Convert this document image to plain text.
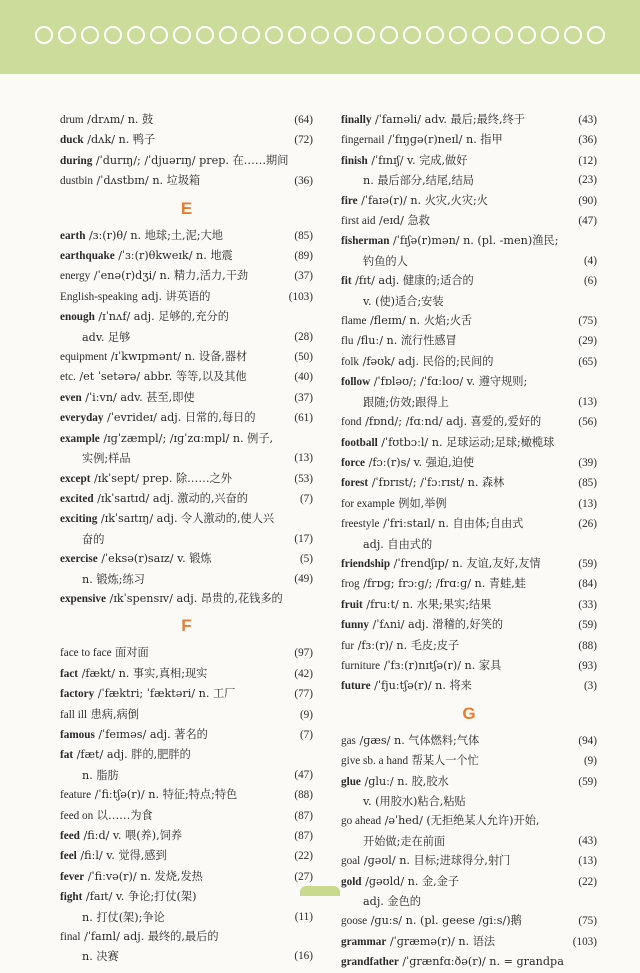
drum /drʌm/ n. 鼓	(64)
duck /dʌk/ n. 鸭子	(72)
during /ˈdurɪŋ/; /ˈdjuərɪŋ/ prep. 在……期间
dustbin /ˈdʌstbɪn/ n. 垃圾箱	(36)
E
earth /ɜː(r)θ/ n. 地球;土,泥;大地	(85)
earthquake /ˈɜː(r)θkweɪk/ n. 地震	(89)
energy /ˈenə(r)dʒi/ n. 精力,活力,干劲	(37)
English-speaking adj. 讲英语的	(103)
enough /ɪˈnʌf/ adj. 足够的,充分的
adv. 足够	(28)
equipment /ɪˈkwɪpmənt/ n. 设备,器材	(50)
etc. /et ˈsetərə/ abbr. 等等,以及其他	(40)
even /ˈiːvn/ adv. 甚至,即使	(37)
everyday /ˈevrideɪ/ adj. 日常的,每日的	(61)
example /ɪɡˈzæmpl/; /ɪɡˈzɑːmpl/ n. 例子,
实例;样品	(13)
except /ɪkˈsept/ prep. 除……之外	(53)
excited /ɪkˈsaɪtɪd/ adj. 激动的,兴奋的	(7)
exciting /ɪkˈsaɪtɪŋ/ adj. 令人激动的,使人兴
奋的	(17)
exercise /ˈeksə(r)saɪz/ v. 锻炼	(5)
n. 锻炼;练习	(49)
expensive /ɪkˈspensɪv/ adj. 昂贵的,花钱多的
F
face to face 面对面	(97)
fact /fækt/ n. 事实,真相;现实	(42)
factory /ˈfæktri; ˈfæktəri/ n. 工厂	(77)
fall ill 患病,病倒	(9)
famous /ˈfeɪməs/ adj. 著名的	(7)
fat /fæt/ adj. 胖的,肥胖的
n. 脂肪	(47)
feature /ˈfiːtʃə(r)/ n. 特征;特点;特色	(88)
feed on 以……为食	(87)
feed /fiːd/ v. 喂(养),饲养	(87)
feel /fiːl/ v. 觉得,感到	(22)
fever /ˈfiːvə(r)/ n. 发烧,发热	(27)
fight /faɪt/ v. 争论;打仗(架)
n. 打仗(架);争论	(11)
final /ˈfaɪnl/ adj. 最终的,最后的
n. 决赛	(16)
finally /ˈfaɪnəli/ adv. 最后;最终,终于	(43)
fingernail /ˈfɪŋɡə(r)neɪl/ n. 指甲	(36)
finish /ˈfɪnɪʃ/ v. 完成,做好	(12)
n. 最后部分,结尾,结局	(23)
fire /ˈfaɪə(r)/ n. 火灾,火灾;火	(90)
first aid /eɪd/ 急救	(47)
fisherman /ˈfɪʃə(r)mən/ n. (pl. -men)渔民;
钓鱼的人	(4)
fit /fɪt/ adj. 健康的;适合的	(6)
v. (使)适合;安装
flame /fleɪm/ n. 火焰;火舌	(75)
flu /fluː/ n. 流行性感冒	(29)
folk /fəʊk/ adj. 民俗的;民间的	(65)
follow /ˈfɒləʊ/; /ˈfɑːloʊ/ v. 遵守规则;
跟随;仿效;跟得上	(13)
fond /fɒnd/; /fɑːnd/ adj. 喜爱的,爱好的	(56)
football /ˈfʊtbɔːl/ n. 足球运动;足球;橄榄球
force /fɔː(r)s/ v. 强迫,迫使	(39)
forest /ˈfɒrɪst/; /ˈfɔːrɪst/ n. 森林	(85)
for example 例如,举例	(13)
freestyle /ˈfriːstaɪl/ n. 自由体;自由式	(26)
adj. 自由式的
friendship /ˈfrendʃɪp/ n. 友谊,友好,友情	(59)
frog /frɒɡ; frɔːɡ/; /frɑːɡ/ n. 青蛙,蛙	(84)
fruit /fruːt/ n. 水果;果实;结果	(33)
funny /ˈfʌni/ adj. 滑稽的,好笑的	(59)
fur /fɜː(r)/ n. 毛皮;皮子	(88)
furniture /ˈfɜː(r)nɪtʃə(r)/ n. 家具	(93)
future /ˈfjuːtʃə(r)/ n. 将来	(3)
G
gas /ɡæs/ n. 气体燃料;气体	(94)
give sb. a hand 帮某人一个忙	(9)
glue /ɡluː/ n. 胶,胶水	(59)
v. (用胶水)粘合,粘贴
go ahead /əˈhed/ (无拒绝某人允许)开始,
开始做;走在前面	(43)
goal /ɡəʊl/ n. 目标;进球得分,射门	(13)
gold /ɡəʊld/ n. 金,金子	(22)
adj. 金色的
goose /ɡuːs/ n. (pl. geese /ɡiːs/)鹅	(75)
grammar /ˈɡræmə(r)/ n. 语法	(103)
grandfather /ˈɡrænfɑːðə(r)/ n. = grandpa
